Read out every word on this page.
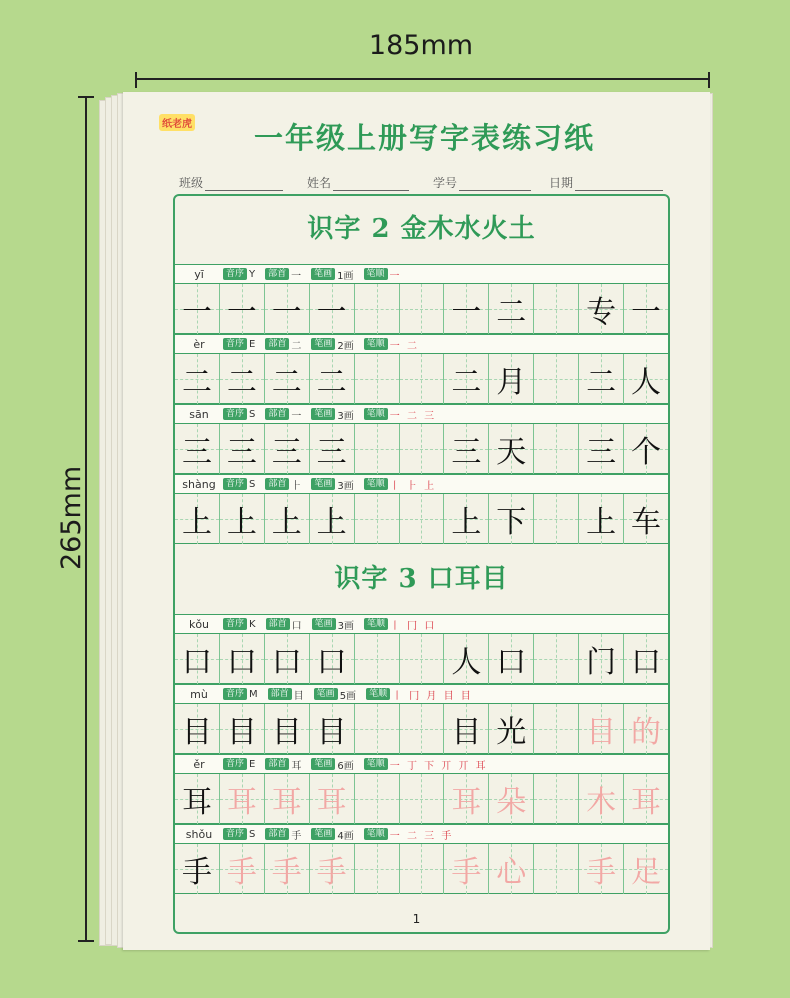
185mm
265mm
纸老虎	一年级上册写字表练习纸
班级	姓名	学号	日期
识字 2 金木水火土
yī	音序 Y	部首 一	笔画 1画	笔顺 一
一 一 一 一	一 二 专 一
èr	音序 E	部首 二	笔画 2画	笔顺 一 二
二 二 二 二	二 月 二 人
sān	音序 S	部首 一	笔画 3画	笔顺 一 二 三
三 三 三 三	三 天 三 个
shàng	音序 S	部首 ⺊	笔画 3画	笔顺 丨 ⺊ 上
上 上 上 上	上 下 上 车
识字 3 口耳目
kǒu	音序 K	部首 口	笔画 3画	笔顺 丨 冂 口
口 口 口 口	人 口 门 口
mù	音序 M	部首 目	笔画 5画	笔顺 丨 冂 月 目 目
目 目 目 目	目 光 目 的
ěr	音序 E	部首 耳	笔画 6画	笔顺 一 丁 下 丌 丌 耳
耳 耳 耳 耳	耳 朵 木 耳
shǒu	音序 S	部首 手	笔画 4画	笔顺 一 二 三 手
手 手 手 手	手 心 手 足
1
